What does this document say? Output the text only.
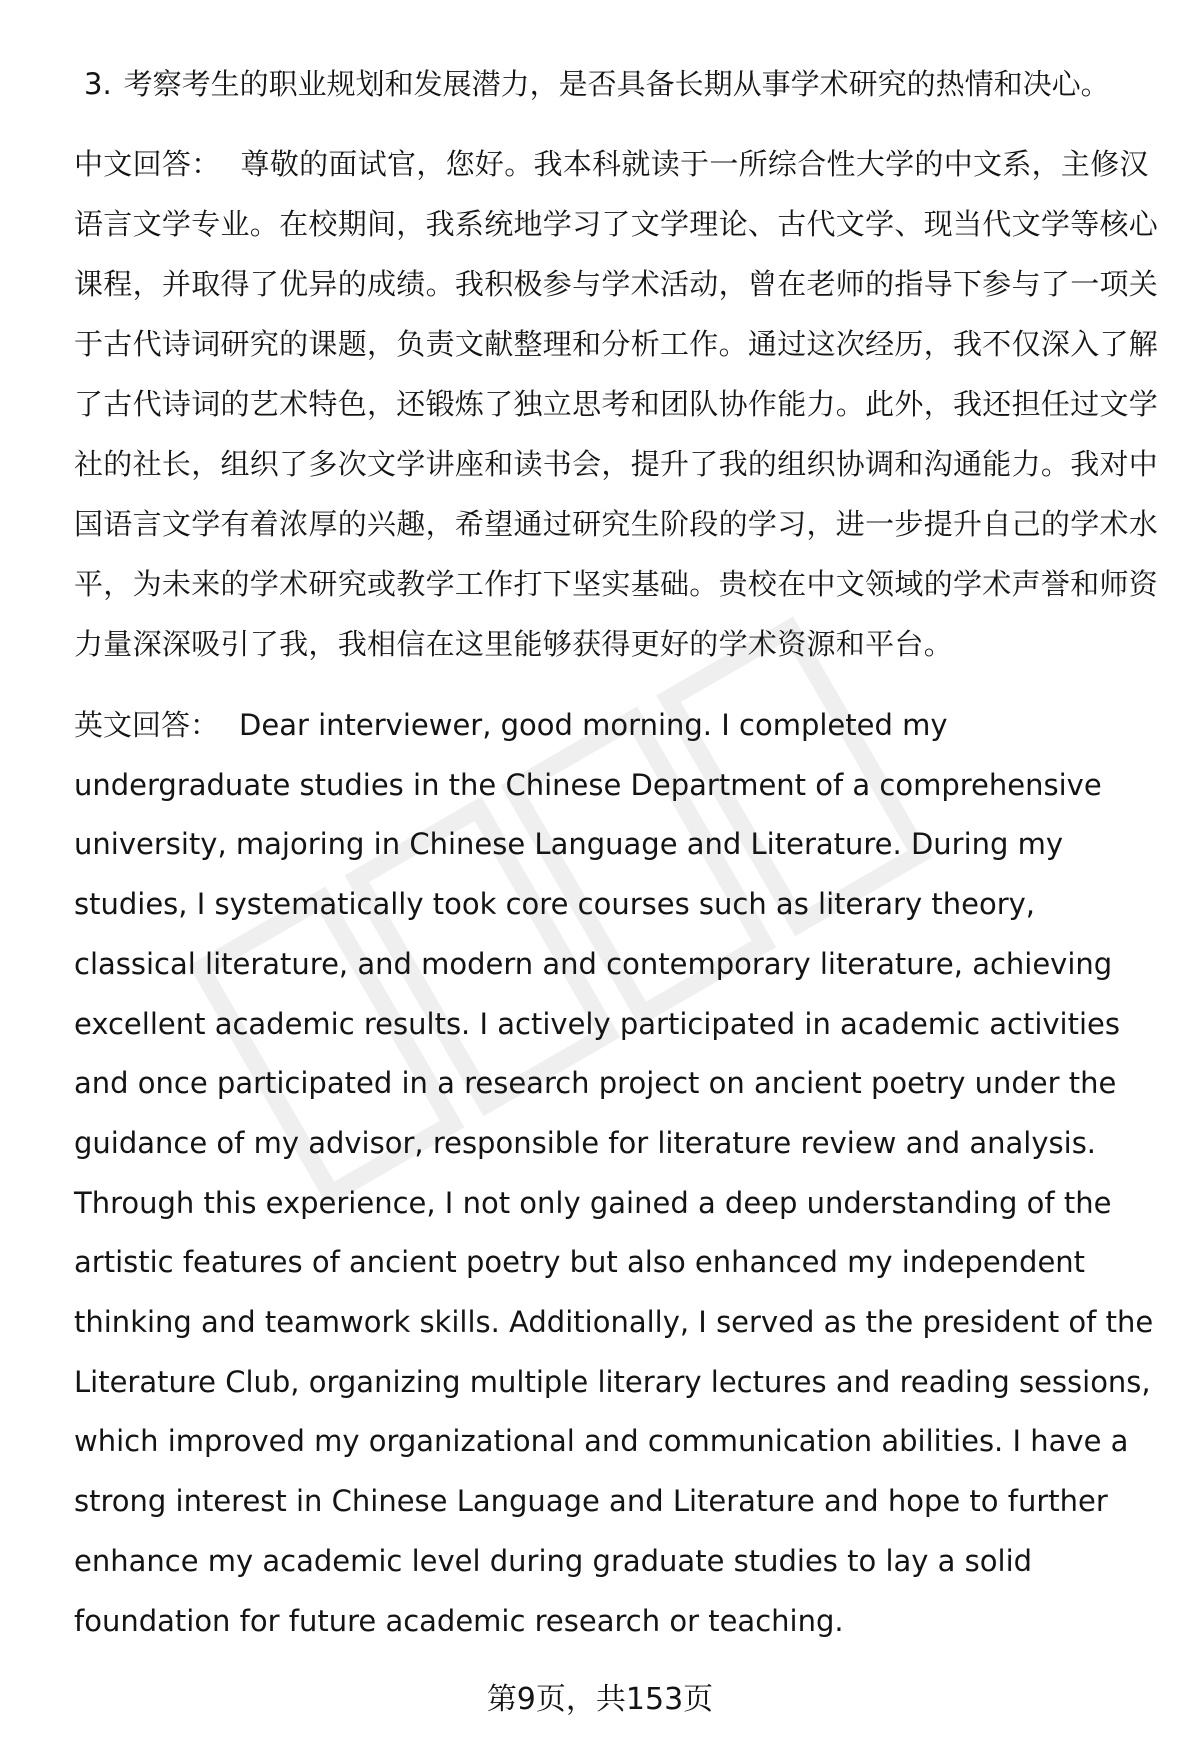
3. 考察考生的职业规划和发展潜力，是否具备长期从事学术研究的热情和决心。

中文回答： 尊敬的面试官，您好。我本科就读于一所综合性大学的中文系，主修汉语言文学专业。在校期间，我系统地学习了文学理论、古代文学、现当代文学等核心课程，并取得了优异的成绩。我积极参与学术活动，曾在老师的指导下参与了一项关于古代诗词研究的课题，负责文献整理和分析工作。通过这次经历，我不仅深入了解了古代诗词的艺术特色，还锻炼了独立思考和团队协作能力。此外，我还担任过文学社的社长，组织了多次文学讲座和读书会，提升了我的组织协调和沟通能力。我对中国语言文学有着浓厚的兴趣，希望通过研究生阶段的学习，进一步提升自己的学术水平，为未来的学术研究或教学工作打下坚实基础。贵校在中文领域的学术声誉和师资力量深深吸引了我，我相信在这里能够获得更好的学术资源和平台。

英文回答： Dear interviewer, good morning. I completed my undergraduate studies in the Chinese Department of a comprehensive university, majoring in Chinese Language and Literature. During my studies, I systematically took core courses such as literary theory, classical literature, and modern and contemporary literature, achieving excellent academic results. I actively participated in academic activities and once participated in a research project on ancient poetry under the guidance of my advisor, responsible for literature review and analysis. Through this experience, I not only gained a deep understanding of the artistic features of ancient poetry but also enhanced my independent thinking and teamwork skills. Additionally, I served as the president of the Literature Club, organizing multiple literary lectures and reading sessions, which improved my organizational and communication abilities. I have a strong interest in Chinese Language and Literature and hope to further enhance my academic level during graduate studies to lay a solid foundation for future academic research or teaching.

第9页，共153页
